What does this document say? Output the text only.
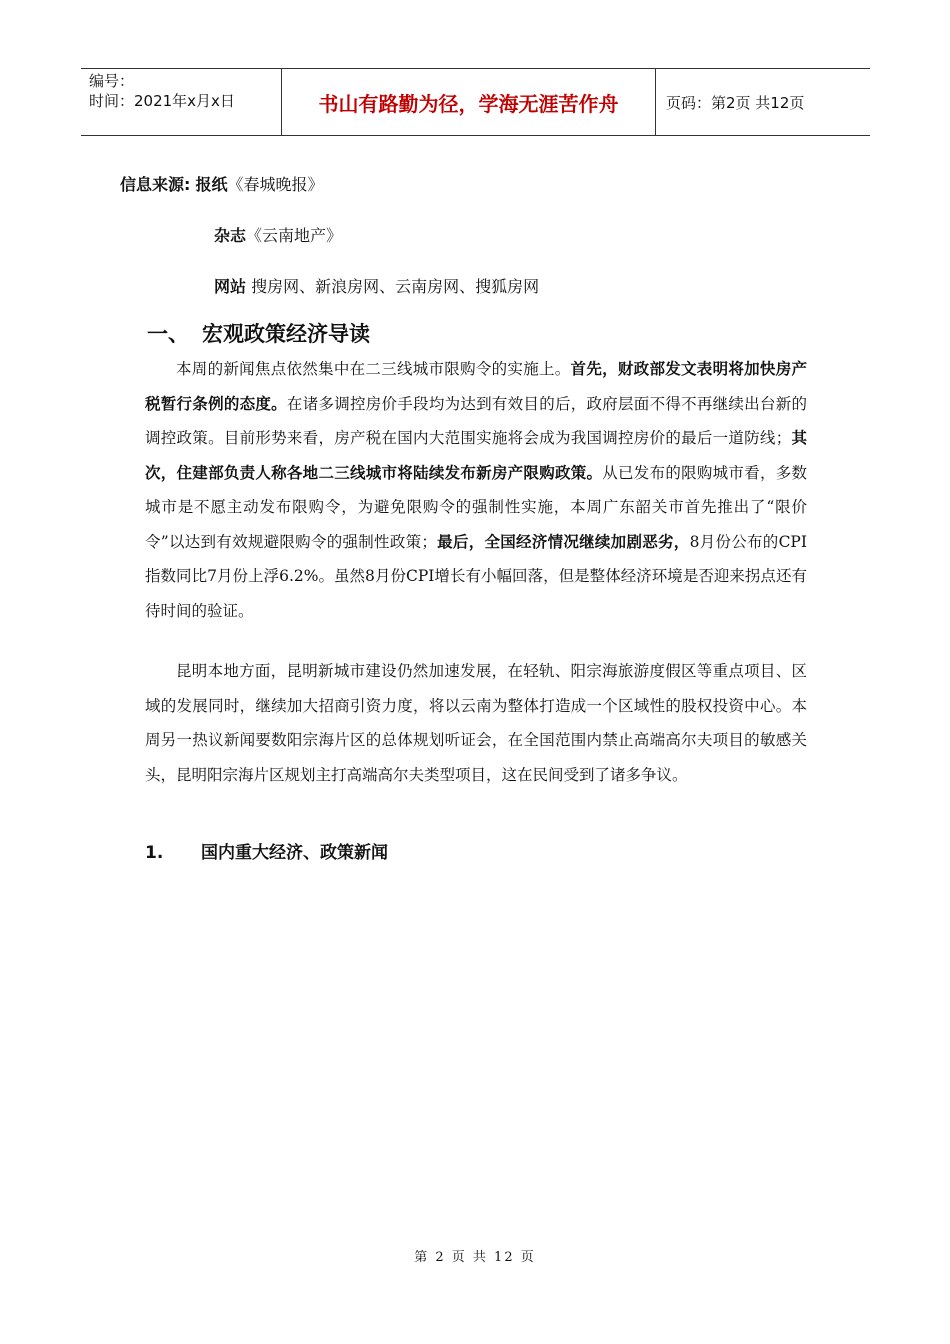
编号：
时间：2021年x月x日	书山有路勤为径，学海无涯苦作舟	页码：第2页 共12页
信息来源: 报纸《春城晚报》
杂志《云南地产》
网站 搜房网、新浪房网、云南房网、搜狐房网
一、 宏观政策经济导读
本周的新闻焦点依然集中在二三线城市限购令的实施上。首先，财政部发文表明将加快房产税暂行条例的态度。在诸多调控房价手段均为达到有效目的后，政府层面不得不再继续出台新的调控政策。目前形势来看，房产税在国内大范围实施将会成为我国调控房价的最后一道防线；其次，住建部负责人称各地二三线城市将陆续发布新房产限购政策。从已发布的限购城市看，多数城市是不愿主动发布限购令，为避免限购令的强制性实施，本周广东韶关市首先推出了“限价令”以达到有效规避限购令的强制性政策；最后，全国经济情况继续加剧恶劣，8月份公布的CPI指数同比7月份上浮6.2%。虽然8月份CPI增长有小幅回落，但是整体经济环境是否迎来拐点还有待时间的验证。
昆明本地方面，昆明新城市建设仍然加速发展，在轻轨、阳宗海旅游度假区等重点项目、区域的发展同时，继续加大招商引资力度，将以云南为整体打造成一个区域性的股权投资中心。本周另一热议新闻要数阳宗海片区的总体规划听证会，在全国范围内禁止高端高尔夫项目的敏感关头，昆明阳宗海片区规划主打高端高尔夫类型项目，这在民间受到了诸多争议。
1. 国内重大经济、政策新闻
第 2 页 共 12 页
